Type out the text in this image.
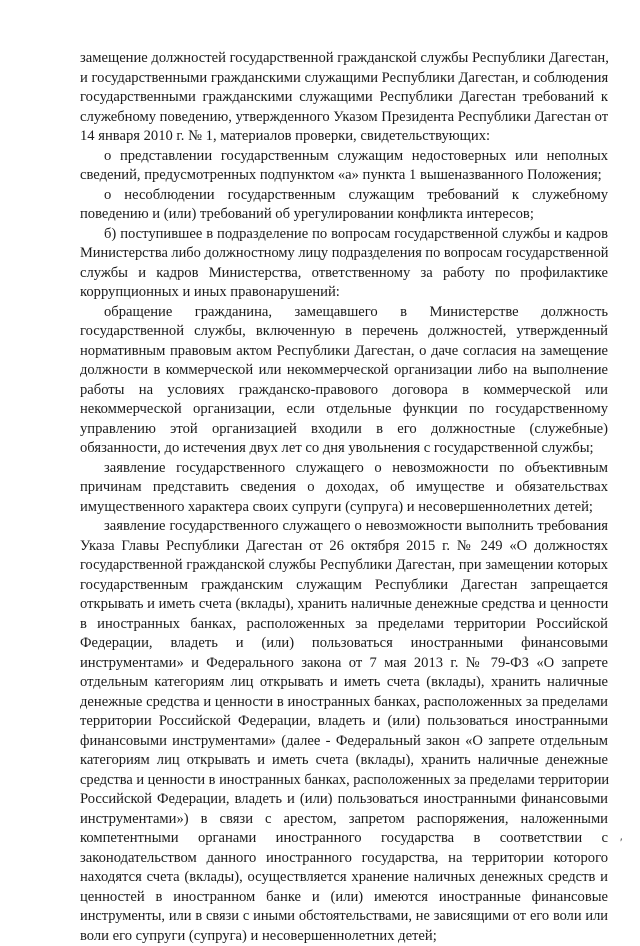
замещение должностей государственной гражданской службы Республики Дагестан,
и государственными гражданскими служащими Республики Дагестан, и соблюдения
государственными гражданскими служащими Республики Дагестан требований к
служебному поведению, утвержденного Указом Президента Республики Дагестан от
14 января 2010 г. № 1, материалов проверки, свидетельствующих:
о представлении государственным служащим недостоверных или неполных
сведений, предусмотренных подпунктом «а» пункта 1 вышеназванного Положения;
о несоблюдении государственным служащим требований к служебному
поведению и (или) требований об урегулировании конфликта интересов;
б) поступившее в подразделение по вопросам государственной службы и кадров
Министерства либо должностному лицу подразделения по вопросам государственной
службы и кадров Министерства, ответственному за работу по профилактике
коррупционных и иных правонарушений:
обращение гражданина, замещавшего в Министерстве должность
государственной службы, включенную в перечень должностей, утвержденный
нормативным правовым актом Республики Дагестан, о даче согласия на замещение
должности в коммерческой или некоммерческой организации либо на выполнение
работы на условиях гражданско-правового договора в коммерческой или
некоммерческой организации, если отдельные функции по государственному
управлению этой организацией входили в его должностные (служебные)
обязанности, до истечения двух лет со дня увольнения с государственной службы;
заявление государственного служащего о невозможности по объективным
причинам представить сведения о доходах, об имуществе и обязательствах
имущественного характера своих супруги (супруга) и несовершеннолетних детей;
заявление государственного служащего о невозможности выполнить требования
Указа Главы Республики Дагестан от 26 октября 2015 г. № 249 «О должностях
государственной гражданской службы Республики Дагестан, при замещении которых
государственным гражданским служащим Республики Дагестан запрещается
открывать и иметь счета (вклады), хранить наличные денежные средства и ценности
в иностранных банках, расположенных за пределами территории Российской
Федерации, владеть и (или) пользоваться иностранными финансовыми
инструментами» и Федерального закона от 7 мая 2013 г. № 79-ФЗ «О запрете
отдельным категориям лиц открывать и иметь счета (вклады), хранить наличные
денежные средства и ценности в иностранных банках, расположенных за пределами
территории Российской Федерации, владеть и (или) пользоваться иностранными
финансовыми инструментами» (далее - Федеральный закон «О запрете отдельным
категориям лиц открывать и иметь счета (вклады), хранить наличные денежные
средства и ценности в иностранных банках, расположенных за пределами территории
Российской Федерации, владеть и (или) пользоваться иностранными финансовыми
инструментами») в связи с арестом, запретом распоряжения, наложенными
компетентными органами иностранного государства в соответствии с
законодательством данного иностранного государства, на территории которого
находятся счета (вклады), осуществляется хранение наличных денежных средств и
ценностей в иностранном банке и (или) имеются иностранные финансовые
инструменты, или в связи с иными обстоятельствами, не зависящими от его воли или
воли его супруги (супруга) и несовершеннолетних детей;
′
